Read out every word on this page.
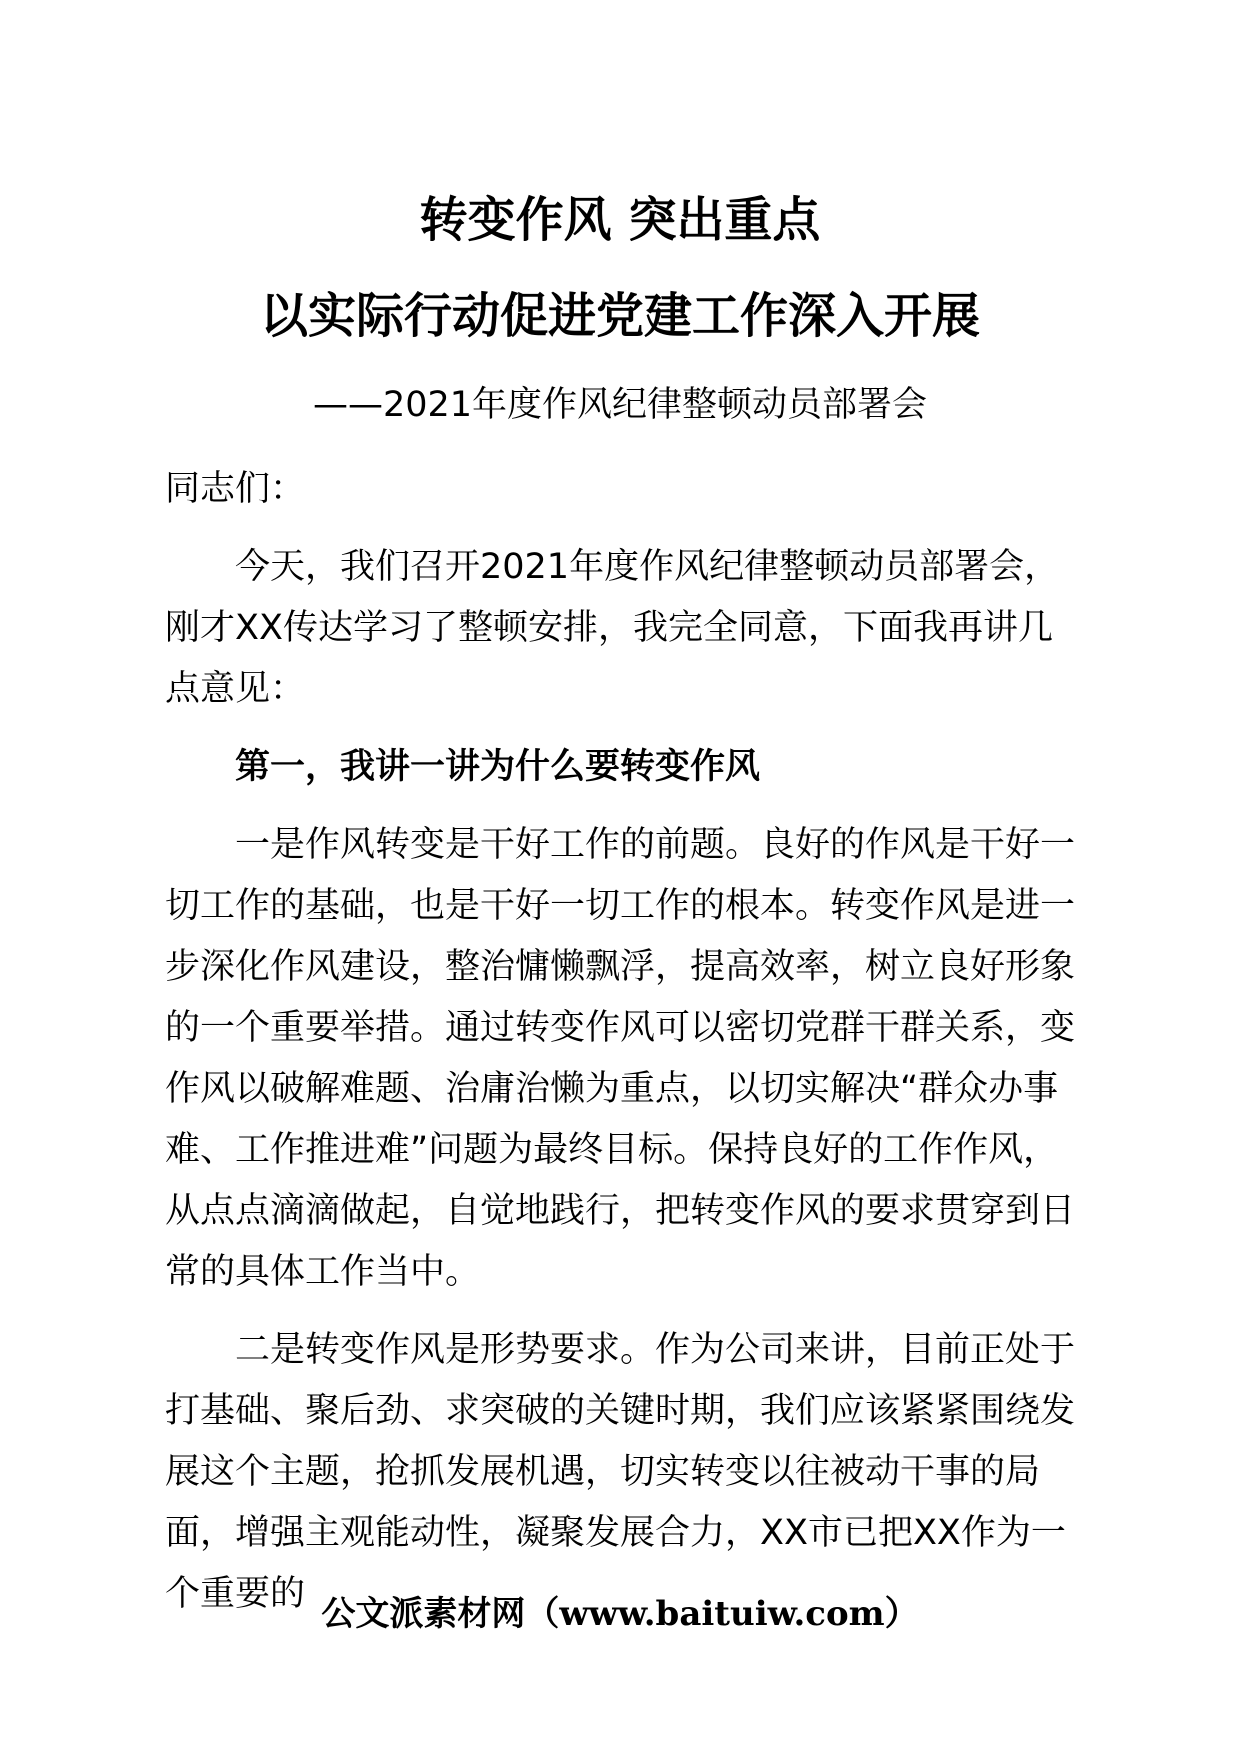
转变作风 突出重点
以实际行动促进党建工作深入开展

——2021年度作风纪律整顿动员部署会

同志们：

今天，我们召开2021年度作风纪律整顿动员部署会，刚才XX传达学习了整顿安排，我完全同意，下面我再讲几点意见：

第一，我讲一讲为什么要转变作风

一是作风转变是干好工作的前题。良好的作风是干好一切工作的基础，也是干好一切工作的根本。转变作风是进一步深化作风建设，整治慵懒飘浮，提高效率，树立良好形象的一个重要举措。通过转变作风可以密切党群干群关系，变作风以破解难题、治庸治懒为重点，以切实解决“群众办事难、工作推进难”问题为最终目标。保持良好的工作作风，从点点滴滴做起，自觉地践行，把转变作风的要求贯穿到日常的具体工作当中。

二是转变作风是形势要求。作为公司来讲，目前正处于打基础、聚后劲、求突破的关键时期，我们应该紧紧围绕发展这个主题，抢抓发展机遇，切实转变以往被动干事的局面，增强主观能动性，凝聚发展合力，XX市已把XX作为一个重要的 公文派素材网（www.baituiw.com）
